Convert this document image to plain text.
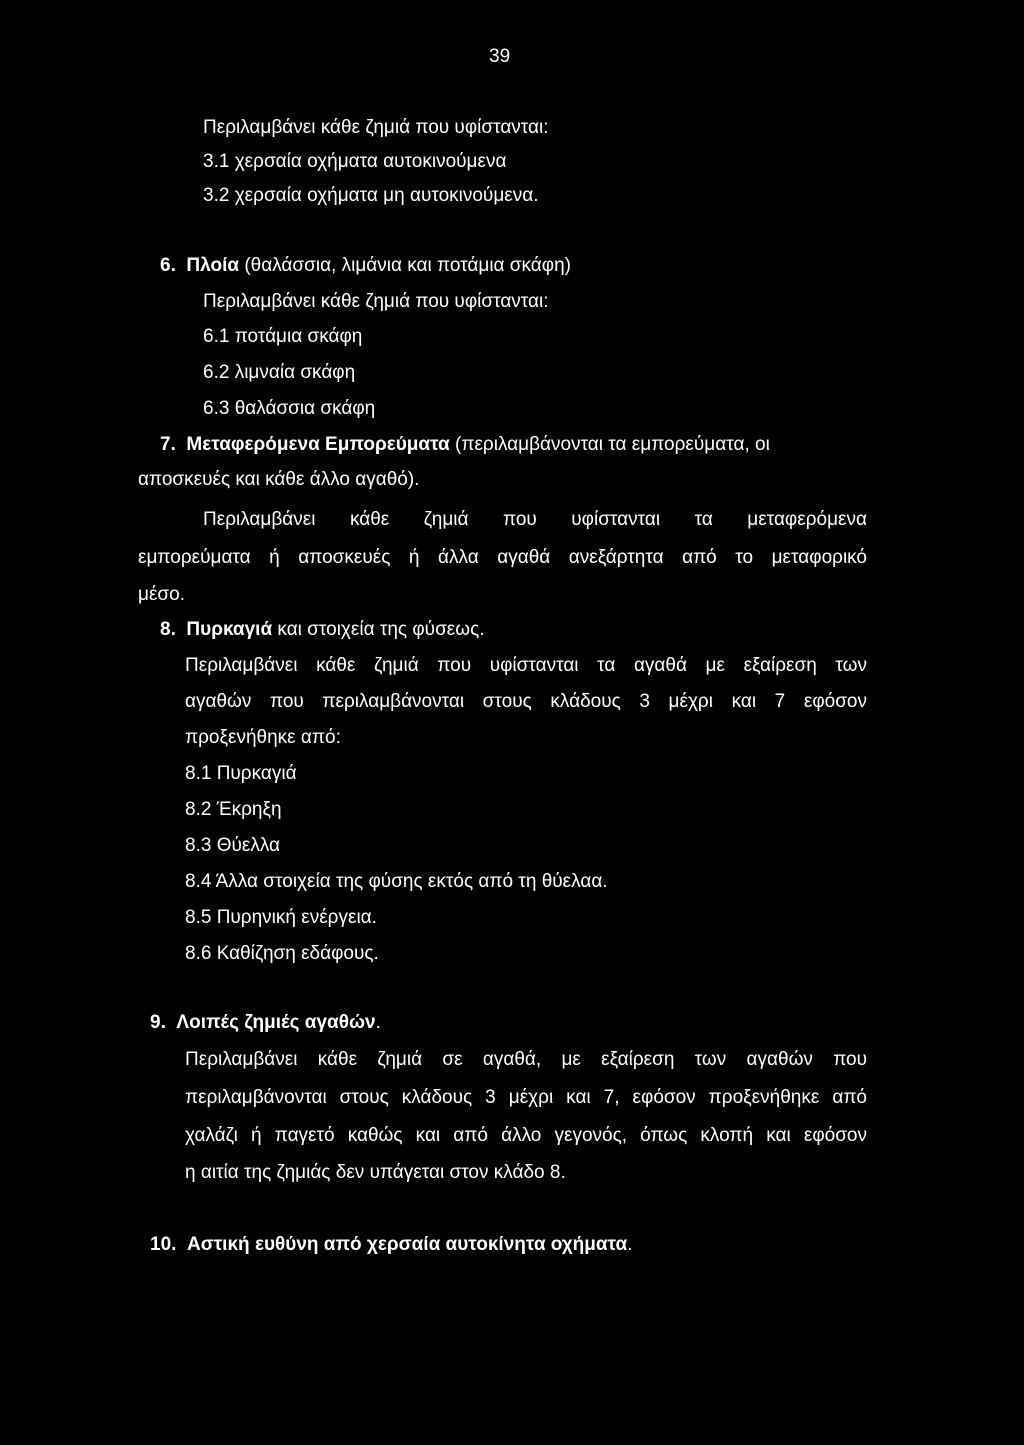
39
Περιλαμβάνει κάθε ζημιά που υφίστανται:
3.1 χερσαία οχήματα αυτοκινούμενα
3.2 χερσαία οχήματα μη αυτοκινούμενα.
6. Πλοία (θαλάσσια, λιμάνια και ποτάμια σκάφη)
Περιλαμβάνει κάθε ζημιά που υφίστανται:
6.1 ποτάμια σκάφη
6.2 λιμναία σκάφη
6.3 θαλάσσια σκάφη
7. Μεταφερόμενα Εμπορεύματα (περιλαμβάνονται τα εμπορεύματα, οι
αποσκευές και κάθε άλλο αγαθό).
Περιλαμβάνει κάθε ζημιά που υφίστανται τα μεταφερόμενα
εμπορεύματα ή αποσκευές ή άλλα αγαθά ανεξάρτητα από το μεταφορικό
μέσο.
8. Πυρκαγιά και στοιχεία της φύσεως.
Περιλαμβάνει κάθε ζημιά που υφίστανται τα αγαθά με εξαίρεση των
αγαθών που περιλαμβάνονται στους κλάδους 3 μέχρι και 7 εφόσον
προξενήθηκε από:
8.1 Πυρκαγιά
8.2 Έκρηξη
8.3 Θύελλα
8.4 Άλλα στοιχεία της φύσης εκτός από τη θύελαα.
8.5 Πυρηνική ενέργεια.
8.6 Καθίζηση εδάφους.
9. Λοιπές ζημιές αγαθών.
Περιλαμβάνει κάθε ζημιά σε αγαθά, με εξαίρεση των αγαθών που
περιλαμβάνονται στους κλάδους 3 μέχρι και 7, εφόσον προξενήθηκε από
χαλάζι ή παγετό καθώς και από άλλο γεγονός, όπως κλοπή και εφόσον
η αιτία της ζημιάς δεν υπάγεται στον κλάδο 8.
10. Αστική ευθύνη από χερσαία αυτοκίνητα οχήματα.
